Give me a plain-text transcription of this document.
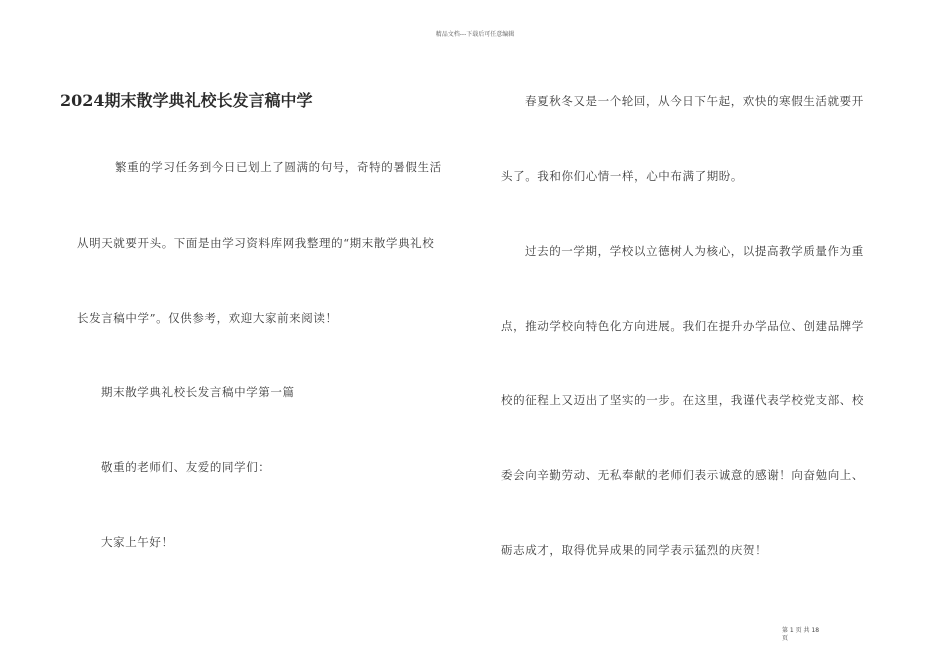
精品文档---下载后可任意编辑
2024期末散学典礼校长发言稿中学
繁重的学习任务到今日已划上了圆满的句号，奇特的暑假生活
从明天就要开头。下面是由学习资料库网我整理的“期末散学典礼校
长发言稿中学”。仅供参考，欢迎大家前来阅读！
期末散学典礼校长发言稿中学第一篇
敬重的老师们、友爱的同学们：
大家上午好！
春夏秋冬又是一个轮回，从今日下午起，欢快的寒假生活就要开
头了。我和你们心情一样，心中布满了期盼。
过去的一学期，学校以立德树人为核心，以提高教学质量作为重
点，推动学校向特色化方向进展。我们在提升办学品位、创建品牌学
校的征程上又迈出了坚实的一步。在这里，我谨代表学校党支部、校
委会向辛勤劳动、无私奉献的老师们表示诚意的感谢！向奋勉向上、
砺志成才，取得优异成果的同学表示猛烈的庆贺！
第 1 页 共 18 页
